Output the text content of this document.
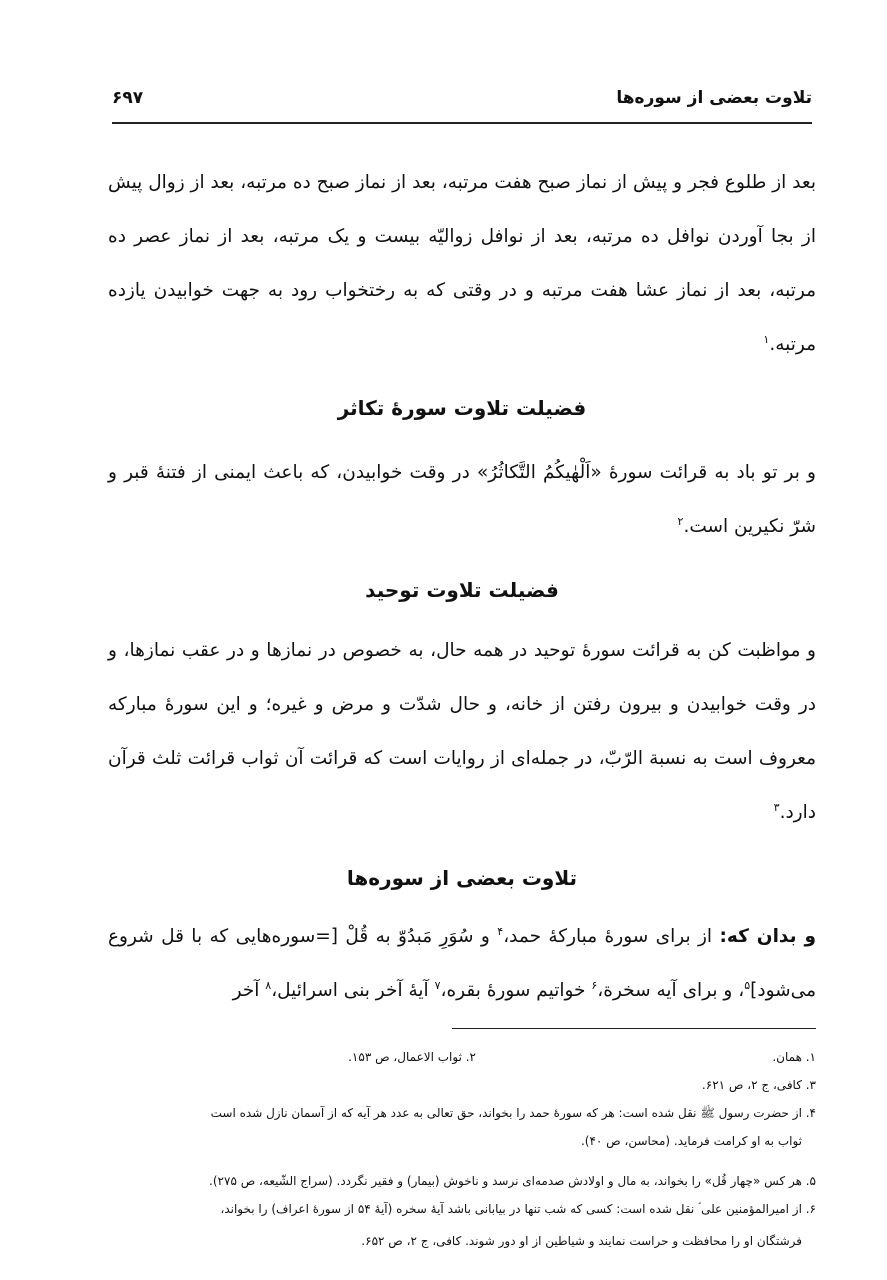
تلاوت بعضی از سوره‌ها
۶۹۷

بعد از طلوع فجر و پیش از نماز صبح هفت مرتبه، بعد از نماز صبح ده مرتبه، بعد از زوال پیش از بجا آوردن نوافل ده مرتبه، بعد از نوافل زوالیّه بیست و یک مرتبه، بعد از نماز عصر ده مرتبه، بعد از نماز عشا هفت مرتبه و در وقتی که به رختخواب رود به جهت خوابیدن یازده مرتبه.$^۱$

فضیلت تلاوت سورهٔ تکاثر

و بر تو باد به قرائت سورهٔ «اَلْهٰیکُمُ التَّکاثُرُ» در وقت خوابیدن، که باعث ایمنی از فتنهٔ قبر و شرّ نکیرین است.$^۲$

فضیلت تلاوت توحید

و مواظبت کن به قرائت سورهٔ توحید در همه حال، به خصوص در نمازها و در عقب نمازها، و در وقت خوابیدن و بیرون رفتن از خانه، و حال شدّت و مرض و غیره؛ و این سورهٔ مبارکه معروف است به نسبة الرّبّ، در جمله‌ای از روایات است که قرائت آن ثواب قرائت ثلث قرآن دارد.$^۳$

تلاوت بعضی از سوره‌ها

و بدان که: از برای سورهٔ مبارکهٔ حمد،$^۴$ و سُوَرِ مَبدُوّ به قُلْ [=سوره‌هایی که با قل شروع می‌شود]$^۵$، و برای آیه سخرة،$^۶$ خواتیم سورهٔ بقره،$^۷$ آیهٔ آخر بنی اسرائیل،$^۸$ آخر

۱. همان.۲. ثواب الاعمال، ص ۱۵۳.

۳. کافی، ج ۲، ص ۶۲۱.

۴. از حضرت رسول ﷺ نقل شده است: هر که سورهٔ حمد را بخواند، حق تعالی به عدد هر آیه که از آسمان نازل شده است

ثواب به او کرامت فرماید. (محاسن، ص ۴۰).

۵. هر کس «چهار قُل» را بخواند، به مال و اولادش صدمه‌ای نرسد و ناخوش (بیمار) و فقیر نگردد. (سراج الشّیعه، ص ۲۷۵).

۶. از امیرالمؤمنین علی ؑ نقل شده است: کسی که شب تنها در بیابانی باشد آیهٔ سخره (آیهٔ ۵۴ از سورهٔ اعراف) را بخواند،

فرشتگان او را محافظت و حراست نمایند و شیاطین از او دور شوند. کافی، ج ۲، ص ۶۵۲.
